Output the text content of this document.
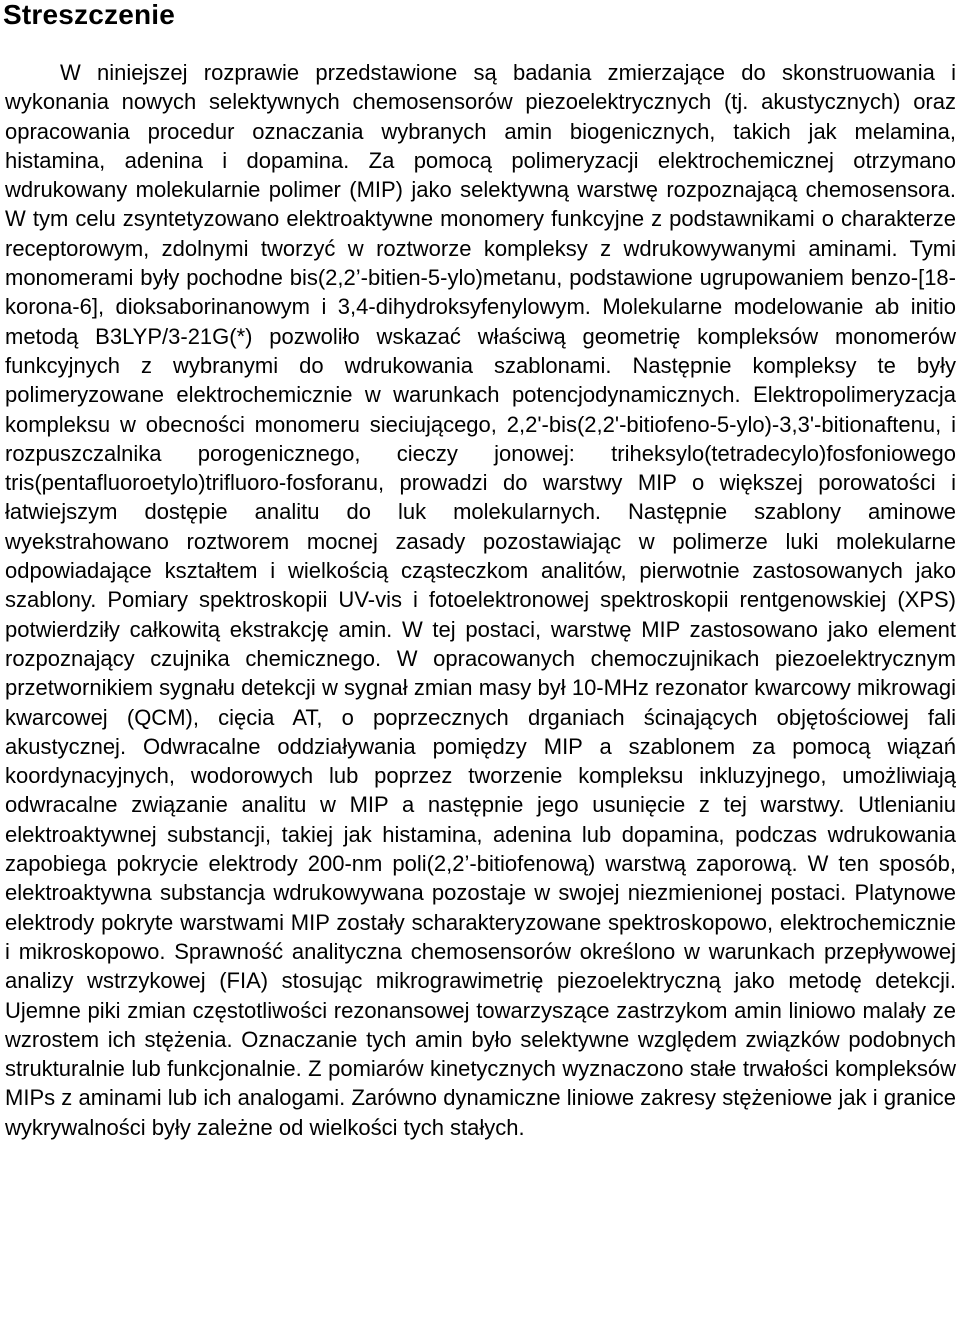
Streszczenie

W niniejszej rozprawie przedstawione są badania zmierzające do skonstruowania i wykonania nowych selektywnych chemosensorów piezoelektrycznych (tj. akustycznych) oraz opracowania procedur oznaczania wybranych amin biogenicznych, takich jak melamina, histamina, adenina i dopamina. Za pomocą polimeryzacji elektrochemicznej otrzymano wdrukowany molekularnie polimer (MIP) jako selektywną warstwę rozpoznającą chemosensora. W tym celu zsyntetyzowano elektroaktywne monomery funkcyjne z podstawnikami o charakterze receptorowym, zdolnymi tworzyć w roztworze kompleksy z wdrukowywanymi aminami. Tymi monomerami były pochodne bis(2,2’-bitien-5-ylo)metanu, podstawione ugrupowaniem benzo-[18-korona-6], dioksaborinanowym i 3,4-dihydroksyfenylowym. Molekularne modelowanie ab initio metodą B3LYP/3-21G(*) pozwoliło wskazać właściwą geometrię kompleksów monomerów funkcyjnych z wybranymi do wdrukowania szablonami. Następnie kompleksy te były polimeryzowane elektrochemicznie w warunkach potencjodynamicznych. Elektropolimeryzacja kompleksu w obecności monomeru sieciującego, 2,2'-bis(2,2'-bitiofeno-5-ylo)-3,3'-bitionaftenu, i rozpuszczalnika porogenicznego, cieczy jonowej: triheksylo(tetradecylo)fosfoniowego tris(pentafluoroetylo)trifluoro-fosforanu, prowadzi do warstwy MIP o większej porowatości i łatwiejszym dostępie analitu do luk molekularnych. Następnie szablony aminowe wyekstrahowano roztworem mocnej zasady pozostawiając w polimerze luki molekularne odpowiadające kształtem i wielkością cząsteczkom analitów, pierwotnie zastosowanych jako szablony. Pomiary spektroskopii UV-vis i fotoelektronowej spektroskopii rentgenowskiej (XPS) potwierdziły całkowitą ekstrakcję amin. W tej postaci, warstwę MIP zastosowano jako element rozpoznający czujnika chemicznego. W opracowanych chemoczujnikach piezoelektrycznym przetwornikiem sygnału detekcji w sygnał zmian masy był 10-MHz rezonator kwarcowy mikrowagi kwarcowej (QCM), cięcia AT, o poprzecznych drganiach ścinających objętościowej fali akustycznej. Odwracalne oddziaływania pomiędzy MIP a szablonem za pomocą wiązań koordynacyjnych, wodorowych lub poprzez tworzenie kompleksu inkluzyjnego, umożliwiają odwracalne związanie analitu w MIP a następnie jego usunięcie z tej warstwy. Utlenianiu elektroaktywnej substancji, takiej jak histamina, adenina lub dopamina, podczas wdrukowania zapobiega pokrycie elektrody 200-nm poli(2,2’-bitiofenową) warstwą zaporową. W ten sposób, elektroaktywna substancja wdrukowywana pozostaje w swojej niezmienionej postaci. Platynowe elektrody pokryte warstwami MIP zostały scharakteryzowane spektroskopowo, elektrochemicznie i mikroskopowo. Sprawność analityczna chemosensorów określono w warunkach przepływowej analizy wstrzykowej (FIA) stosując mikrograwimetrię piezoelektryczną jako metodę detekcji. Ujemne piki zmian częstotliwości rezonansowej towarzyszące zastrzykom amin liniowo malały ze wzrostem ich stężenia. Oznaczanie tych amin było selektywne względem związków podobnych strukturalnie lub funkcjonalnie. Z pomiarów kinetycznych wyznaczono stałe trwałości kompleksów MIPs z aminami lub ich analogami. Zarówno dynamiczne liniowe zakresy stężeniowe jak i granice wykrywalności były zależne od wielkości tych stałych.
